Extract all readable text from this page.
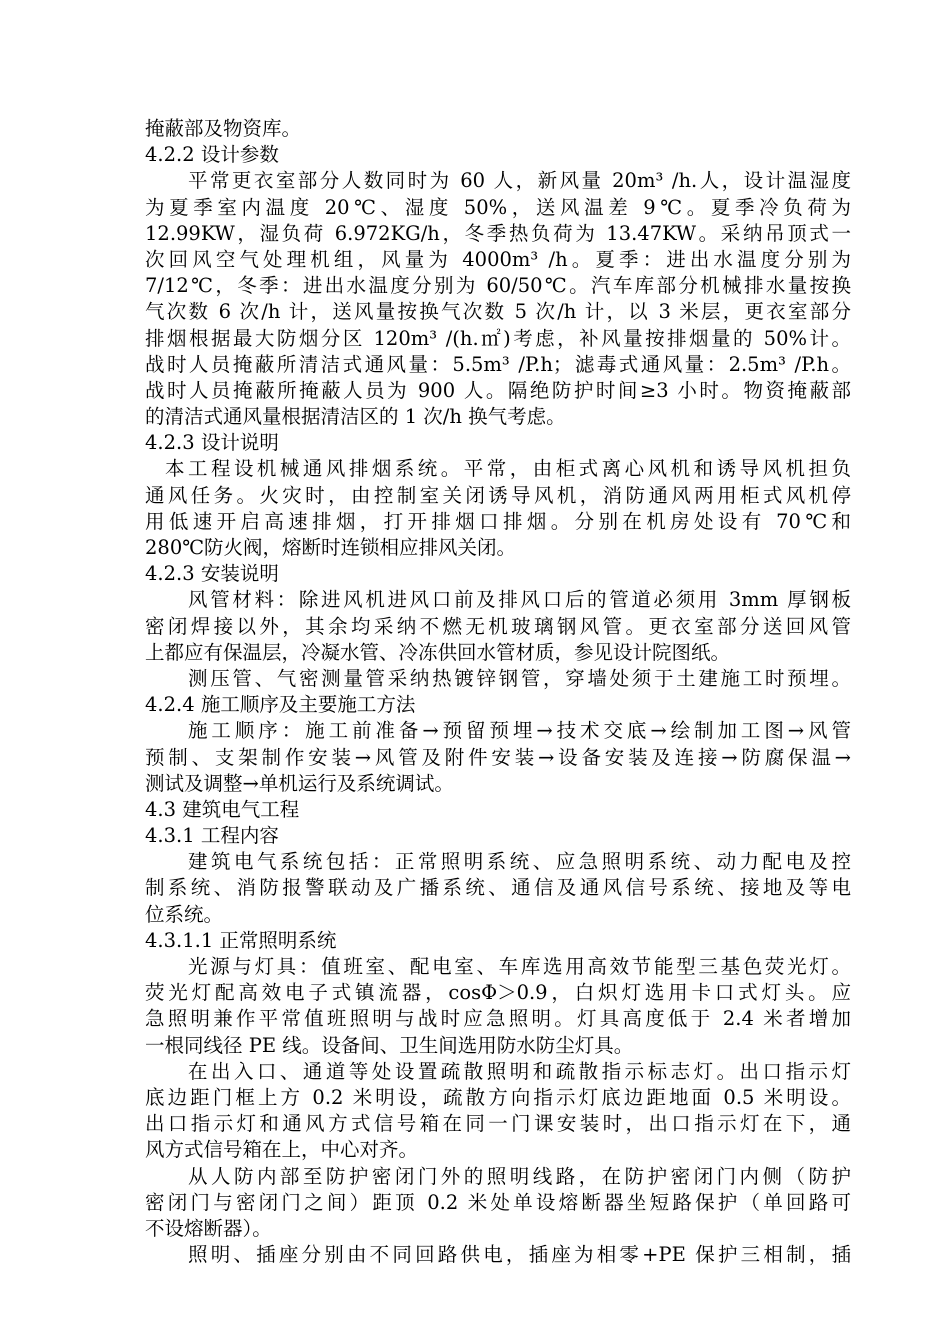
掩蔽部及物资库。
4.2.2 设计参数
平常更衣室部分人数同时为 60 人，新风量 20m³ /h.人，设计温湿度
为夏季室内温度 20℃、湿度 50%，送风温差 9℃。夏季冷负荷为
12.99KW，湿负荷 6.972KG/h，冬季热负荷为 13.47KW。采纳吊顶式一
次回风空气处理机组，风量为 4000m³ /h。夏季：进出水温度分别为
7/12℃，冬季：进出水温度分别为 60/50℃。汽车库部分机械排水量按换
气次数 6 次/h 计，送风量按换气次数 5 次/h 计，以 3 米层，更衣室部分
排烟根据最大防烟分区 120m³ /(h.㎡)考虑，补风量按排烟量的 50%计。
战时人员掩蔽所清洁式通风量：5.5m³ /P.h；滤毒式通风量：2.5m³ /P.h。
战时人员掩蔽所掩蔽人员为 900 人。隔绝防护时间≥3 小时。物资掩蔽部
的清洁式通风量根据清洁区的 1 次/h 换气考虑。
4.2.3 设计说明
本工程设机械通风排烟系统。平常，由柜式离心风机和诱导风机担负
通风任务。火灾时，由控制室关闭诱导风机，消防通风两用柜式风机停
用低速开启高速排烟，打开排烟口排烟。分别在机房处设有 70℃和
280℃防火阀，熔断时连锁相应排风关闭。
4.2.3 安装说明
风管材料：除进风机进风口前及排风口后的管道必须用 3mm 厚钢板
密闭焊接以外，其余均采纳不燃无机玻璃钢风管。更衣室部分送回风管
上都应有保温层，冷凝水管、冷冻供回水管材质，参见设计院图纸。
测压管、气密测量管采纳热镀锌钢管，穿墙处须于土建施工时预埋。
4.2.4 施工顺序及主要施工方法
施工顺序：施工前准备→预留预埋→技术交底→绘制加工图→风管
预制、支架制作安装→风管及附件安装→设备安装及连接→防腐保温→
测试及调整→单机运行及系统调试。
4.3 建筑电气工程
4.3.1 工程内容
建筑电气系统包括：正常照明系统、应急照明系统、动力配电及控
制系统、消防报警联动及广播系统、通信及通风信号系统、接地及等电
位系统。
4.3.1.1 正常照明系统
光源与灯具：值班室、配电室、车库选用高效节能型三基色荧光灯。
荧光灯配高效电子式镇流器，cosΦ＞0.9，白炽灯选用卡口式灯头。应
急照明兼作平常值班照明与战时应急照明。灯具高度低于 2.4 米者增加
一根同线径 PE 线。设备间、卫生间选用防水防尘灯具。
在出入口、通道等处设置疏散照明和疏散指示标志灯。出口指示灯
底边距门框上方 0.2 米明设，疏散方向指示灯底边距地面 0.5 米明设。
出口指示灯和通风方式信号箱在同一门课安装时，出口指示灯在下，通
风方式信号箱在上，中心对齐。
从人防内部至防护密闭门外的照明线路，在防护密闭门内侧（防护
密闭门与密闭门之间）距顶 0.2 米处单设熔断器坐短路保护（单回路可
不设熔断器）。
照明、插座分别由不同回路供电，插座为相零+PE 保护三相制，插
